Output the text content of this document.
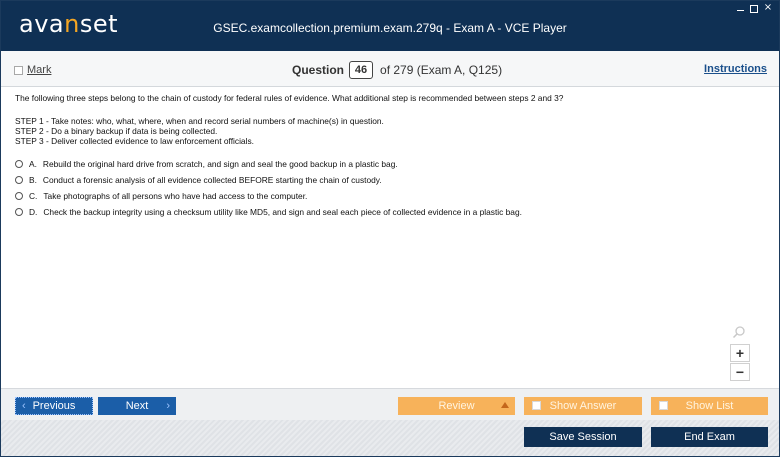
avanset	GSEC.examcollection.premium.exam.279q - Exam A - VCE Player
×
Mark	Question 46	of 279 (Exam A, Q125)	Instructions
The following three steps belong to the chain of custody for federal rules of evidence. What additional step is recommended between steps 2 and 3?
STEP 1 - Take notes: who, what, where, when and record serial numbers of machine(s) in question.
STEP 2 - Do a binary backup if data is being collected.
STEP 3 - Deliver collected evidence to law enforcement officials.
A. Rebuild the original hard drive from scratch, and sign and seal the good backup in a plastic bag.
B. Conduct a forensic analysis of all evidence collected BEFORE starting the chain of custody.
C. Take photographs of all persons who have had access to the computer.
D. Check the backup integrity using a checksum utility like MD5, and sign and seal each piece of collected evidence in a plastic bag.
+
−
‹ Previous	Next ›	Review	Show Answer	Show List
Save Session	End Exam
